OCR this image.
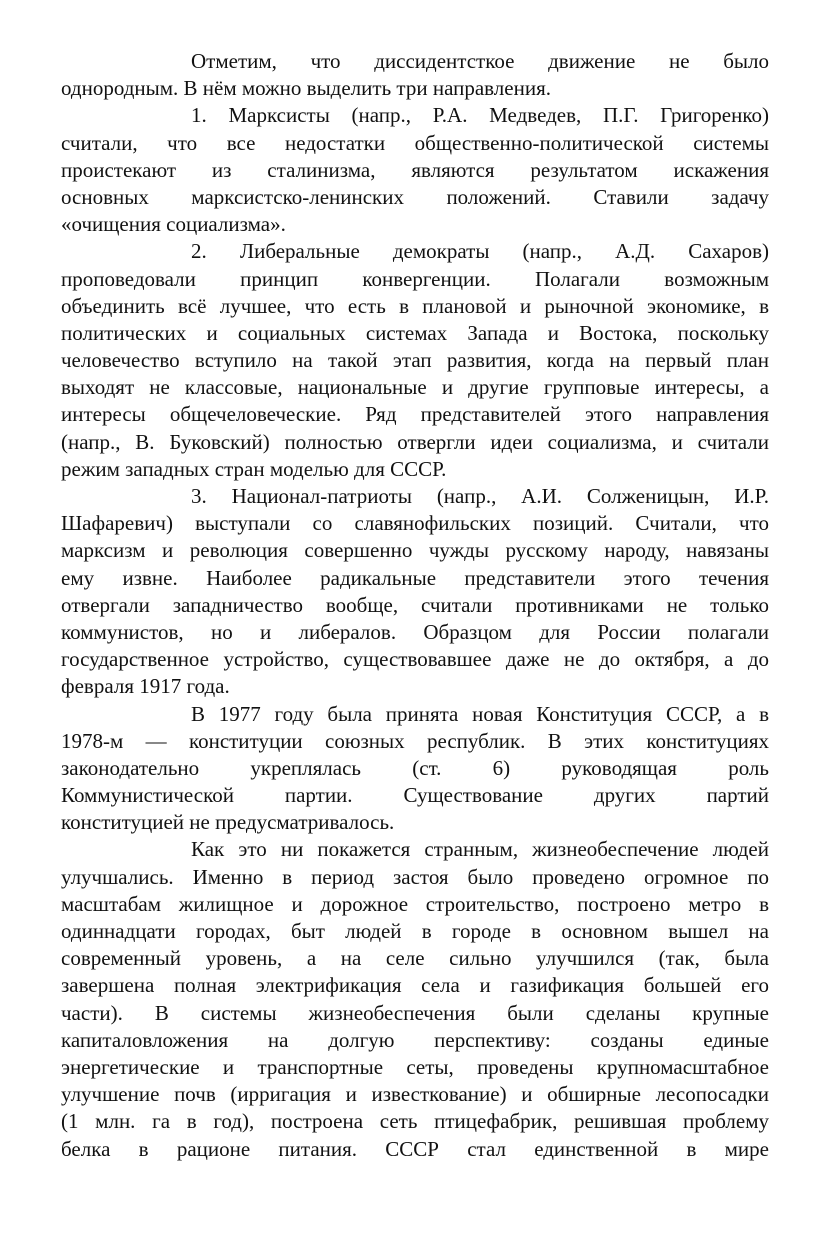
Отметим, что диссидентсткое движение не было
однородным. В нём можно выделить три направления.
1. Марксисты (напр., Р.А. Медведев, П.Г. Григоренко)
считали, что все недостатки общественно-политической системы
проистекают из сталинизма, являются результатом искажения
основных марксистско-ленинских положений. Ставили задачу
«очищения социализма».
2. Либеральные демократы (напр., А.Д. Сахаров)
проповедовали принцип конвергенции. Полагали возможным
объединить всё лучшее, что есть в плановой и рыночной экономике, в
политических и социальных системах Запада и Востока, поскольку
человечество вступило на такой этап развития, когда на первый план
выходят не классовые, национальные и другие групповые интересы, а
интересы общечеловеческие. Ряд представителей этого направления
(напр., В. Буковский) полностью отвергли идеи социализма, и считали
режим западных стран моделью для СССР.
3. Национал-патриоты (напр., А.И. Солженицын, И.Р.
Шафаревич) выступали со славянофильских позиций. Считали, что
марксизм и революция совершенно чужды русскому народу, навязаны
ему извне. Наиболее радикальные представители этого течения
отвергали западничество вообще, считали противниками не только
коммунистов, но и либералов. Образцом для России полагали
государственное устройство, существовавшее даже не до октября, а до
февраля 1917 года.
В 1977 году была принята новая Конституция СССР, а в
1978-м — конституции союзных республик. В этих конституциях
законодательно укреплялась (ст. 6) руководящая роль
Коммунистической партии. Существование других партий
конституцией не предусматривалось.
Как это ни покажется странным, жизнеобеспечение людей
улучшались. Именно в период застоя было проведено огромное по
масштабам жилищное и дорожное строительство, построено метро в
одиннадцати городах, быт людей в городе в основном вышел на
современный уровень, а на селе сильно улучшился (так, была
завершена полная электрификация села и газификация большей его
части). В системы жизнеобеспечения были сделаны крупные
капиталовложения на долгую перспективу: созданы единые
энергетические и транспортные сеты, проведены крупномасштабное
улучшение почв (ирригация и известкование) и обширные лесопосадки
(1 млн. га в год), построена сеть птицефабрик, решившая проблему
белка в рационе питания. СССР стал единственной в мире
